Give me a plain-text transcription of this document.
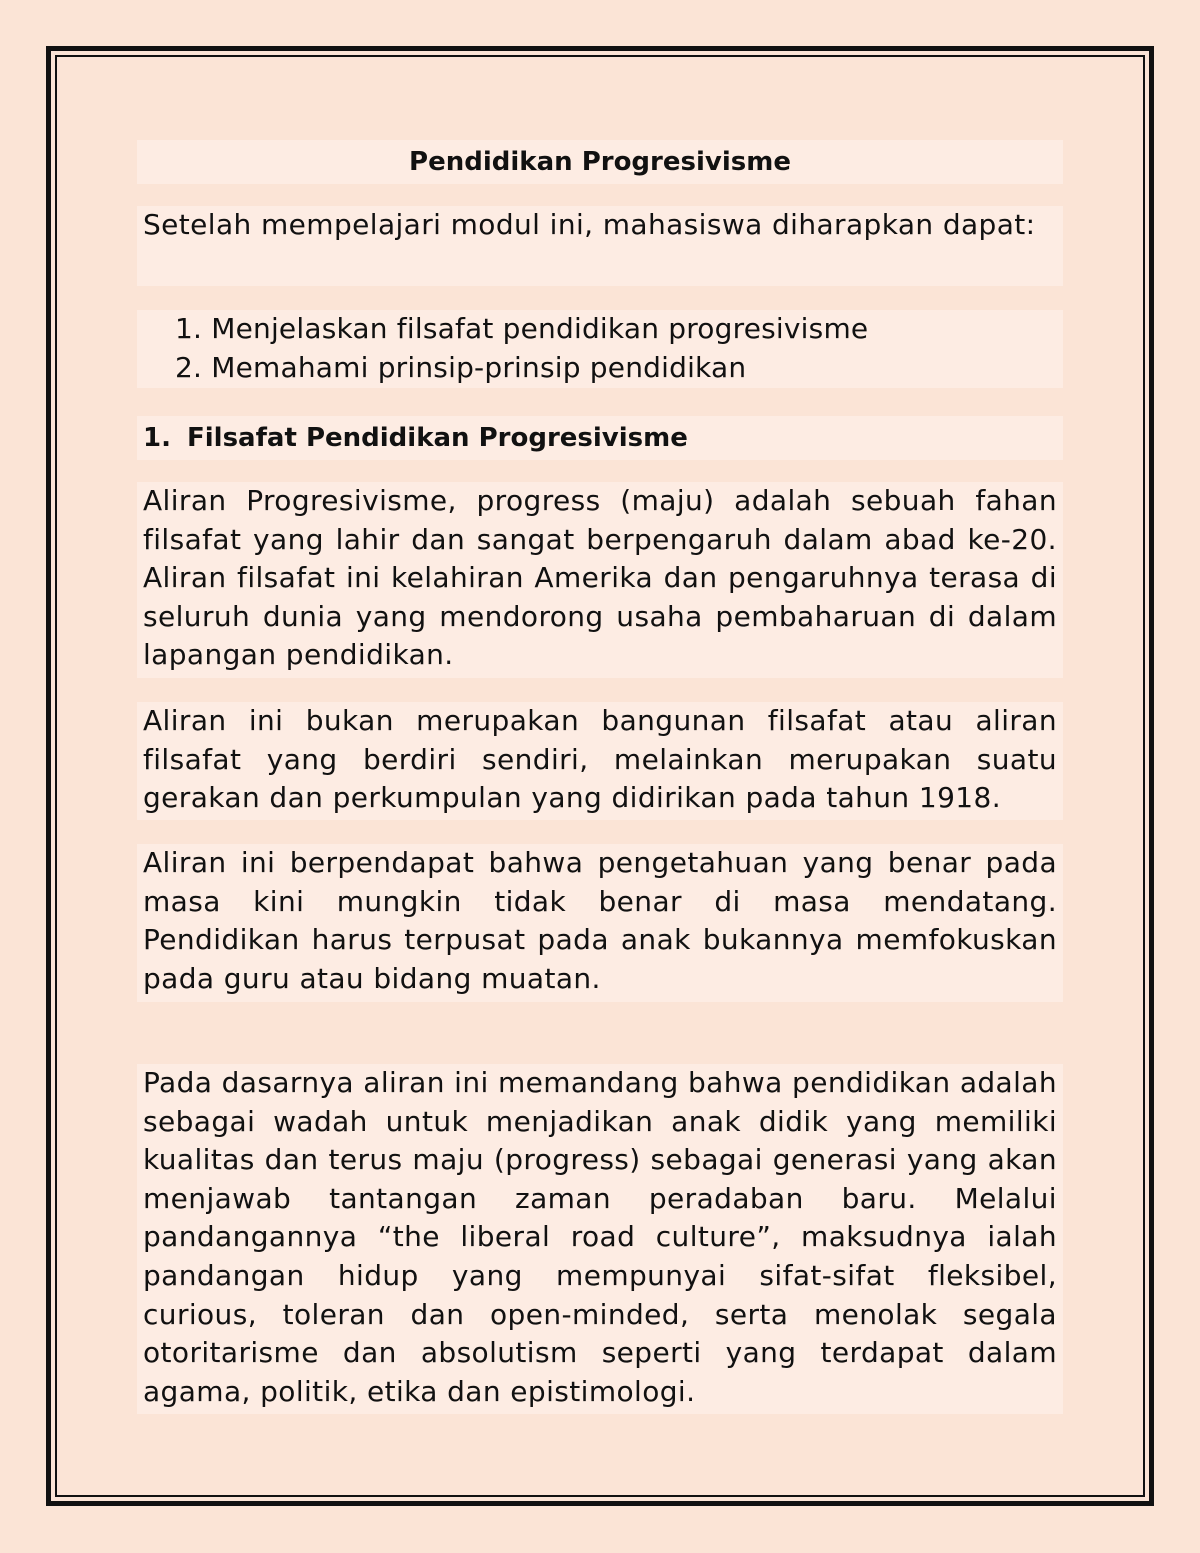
Pendidikan Progresivisme
Setelah mempelajari modul ini, mahasiswa diharapkan dapat:
1. Menjelaskan filsafat pendidikan progresivisme
2. Memahami prinsip-prinsip pendidikan
1. Filsafat Pendidikan Progresivisme
Aliran Progresivisme, progress (maju) adalah sebuah fahan filsafat yang lahir dan sangat berpengaruh dalam abad ke-20. Aliran filsafat ini kelahiran Amerika dan pengaruhnya terasa di seluruh dunia yang mendorong usaha pembaharuan di dalam lapangan pendidikan.
Aliran ini bukan merupakan bangunan filsafat atau aliran filsafat yang berdiri sendiri, melainkan merupakan suatu gerakan dan perkumpulan yang didirikan pada tahun 1918.
Aliran ini berpendapat bahwa pengetahuan yang benar pada masa kini mungkin tidak benar di masa mendatang. Pendidikan harus terpusat pada anak bukannya memfokuskan pada guru atau bidang muatan.
Pada dasarnya aliran ini memandang bahwa pendidikan adalah sebagai wadah untuk menjadikan anak didik yang memiliki kualitas dan terus maju (progress) sebagai generasi yang akan menjawab tantangan zaman peradaban baru. Melalui pandangannya “the liberal road culture”, maksudnya ialah pandangan hidup yang mempunyai sifat-sifat fleksibel, curious, toleran dan open-minded, serta menolak segala otoritarisme dan absolutism seperti yang terdapat dalam agama, politik, etika dan epistimologi.
